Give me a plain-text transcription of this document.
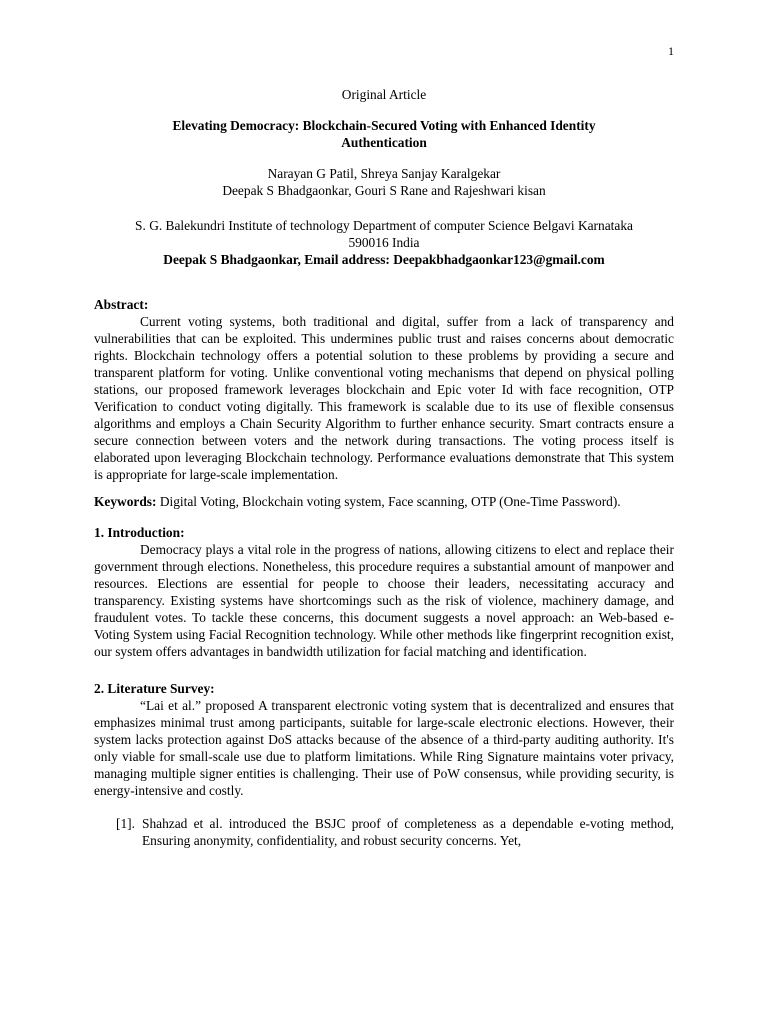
1

Original Article

Elevating Democracy: Blockchain-Secured Voting with Enhanced Identity
Authentication
Narayan G Patil, Shreya Sanjay Karalgekar
Deepak S Bhadgaonkar, Gouri S Rane and Rajeshwari kisan
S. G. Balekundri Institute of technology Department of computer Science Belgavi Karnataka
590016 India
Deepak S Bhadgaonkar, Email address: Deepakbhadgaonkar123@gmail.com

Abstract:

Current voting systems, both traditional and digital, suffer from a lack of transparency and vulnerabilities that can be exploited. This undermines public trust and raises concerns about democratic rights. Blockchain technology offers a potential solution to these problems by providing a secure and transparent platform for voting. Unlike conventional voting mechanisms that depend on physical polling stations, our proposed framework leverages blockchain and Epic voter Id with face recognition, OTP Verification to conduct voting digitally. This framework is scalable due to its use of flexible consensus algorithms and employs a Chain Security Algorithm to further enhance security. Smart contracts ensure a secure connection between voters and the network during transactions. The voting process itself is elaborated upon leveraging Blockchain technology. Performance evaluations demonstrate that This system is appropriate for large-scale implementation.

Keywords: Digital Voting, Blockchain voting system, Face scanning, OTP (One-Time Password).

1. Introduction:

Democracy plays a vital role in the progress of nations, allowing citizens to elect and replace their government through elections. Nonetheless, this procedure requires a substantial amount of manpower and resources. Elections are essential for people to choose their leaders, necessitating accuracy and transparency. Existing systems have shortcomings such as the risk of violence, machinery damage, and fraudulent votes. To tackle these concerns, this document suggests a novel approach: an Web-based e-Voting System using Facial Recognition technology. While other methods like fingerprint recognition exist, our system offers advantages in bandwidth utilization for facial matching and identification.

2. Literature Survey:

“Lai et al.” proposed A transparent electronic voting system that is decentralized and ensures that emphasizes minimal trust among participants, suitable for large-scale electronic elections. However, their system lacks protection against DoS attacks because of the absence of a third-party auditing authority. It's only viable for small-scale use due to platform limitations. While Ring Signature maintains voter privacy, managing multiple signer entities is challenging. Their use of PoW consensus, while providing security, is energy-intensive and costly.

[1]. Shahzad et al. introduced the BSJC proof of completeness as a dependable e-voting method, Ensuring anonymity, confidentiality, and robust security concerns. Yet,
